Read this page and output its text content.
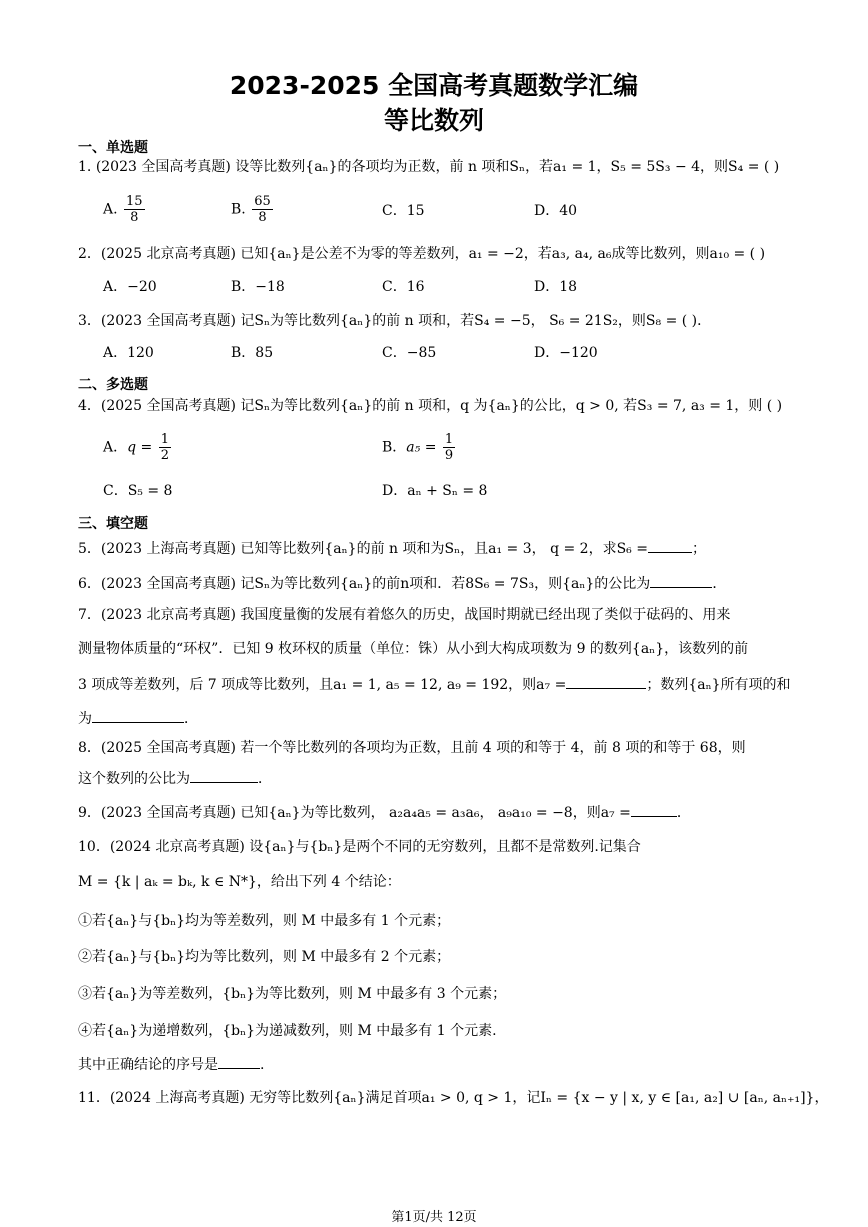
2023-2025 全国高考真题数学汇编
等比数列
一、单选题
1. (2023 全国高考真题) 设等比数列{aₙ}的各项均为正数，前 n 项和Sₙ，若a₁ = 1，S₅ = 5S₃ − 4，则S₄ = ( )
A. $\frac{15}{8}$	B. $\frac{65}{8}$	C．15	D．40
2．(2025 北京高考真题) 已知{aₙ}是公差不为零的等差数列，a₁ = −2，若a₃, a₄, a₆成等比数列，则a₁₀ = ( )
A．−20	B．−18	C．16	D．18
3．(2023 全国高考真题) 记Sₙ为等比数列{aₙ}的前 n 项和，若S₄ = −5， S₆ = 21S₂，则S₈ = ( )．
A．120	B．85	C．−85	D．−120
二、多选题
4．(2025 全国高考真题) 记Sₙ为等比数列{aₙ}的前 n 项和，q 为{aₙ}的公比，q > 0, 若S₃ = 7, a₃ = 1，则 ( )
A．$q = \frac{1}{2}$	B．$a_5 = \frac{1}{9}$
C．S₅ = 8	D．aₙ + Sₙ = 8
三、填空题
5．(2023 上海高考真题) 已知等比数列{aₙ}的前 n 项和为Sₙ，且a₁ = 3， q = 2，求S₆ =	；
6．(2023 全国高考真题) 记Sₙ为等比数列{aₙ}的前n项和．若8S₆ = 7S₃，则{aₙ}的公比为	．
7．(2023 北京高考真题) 我国度量衡的发展有着悠久的历史，战国时期就已经出现了类似于砝码的、用来
测量物体质量的“环权”．已知 9 枚环权的质量（单位：铢）从小到大构成项数为 9 的数列{aₙ}，该数列的前
3 项成等差数列，后 7 项成等比数列，且a₁ = 1, a₅ = 12, a₉ = 192，则a₇ =	；数列{aₙ}所有项的和
为	．
8．(2025 全国高考真题) 若一个等比数列的各项均为正数，且前 4 项的和等于 4，前 8 项的和等于 68，则
这个数列的公比为	．
9．(2023 全国高考真题) 已知{aₙ}为等比数列， a₂a₄a₅ = a₃a₆， a₉a₁₀ = −8，则a₇ =	．
10．(2024 北京高考真题) 设{aₙ}与{bₙ}是两个不同的无穷数列，且都不是常数列.记集合
M = {k | aₖ = bₖ, k ∈ N*}，给出下列 4 个结论：
①若{aₙ}与{bₙ}均为等差数列，则 M 中最多有 1 个元素；
②若{aₙ}与{bₙ}均为等比数列，则 M 中最多有 2 个元素；
③若{aₙ}为等差数列，{bₙ}为等比数列，则 M 中最多有 3 个元素；
④若{aₙ}为递增数列，{bₙ}为递减数列，则 M 中最多有 1 个元素.
其中正确结论的序号是	.
11．(2024 上海高考真题) 无穷等比数列{aₙ}满足首项a₁ > 0, q > 1，记Iₙ = {x − y | x, y ∈ [a₁, a₂] ∪ [aₙ, aₙ₊₁]}，
第1页/共 12页
